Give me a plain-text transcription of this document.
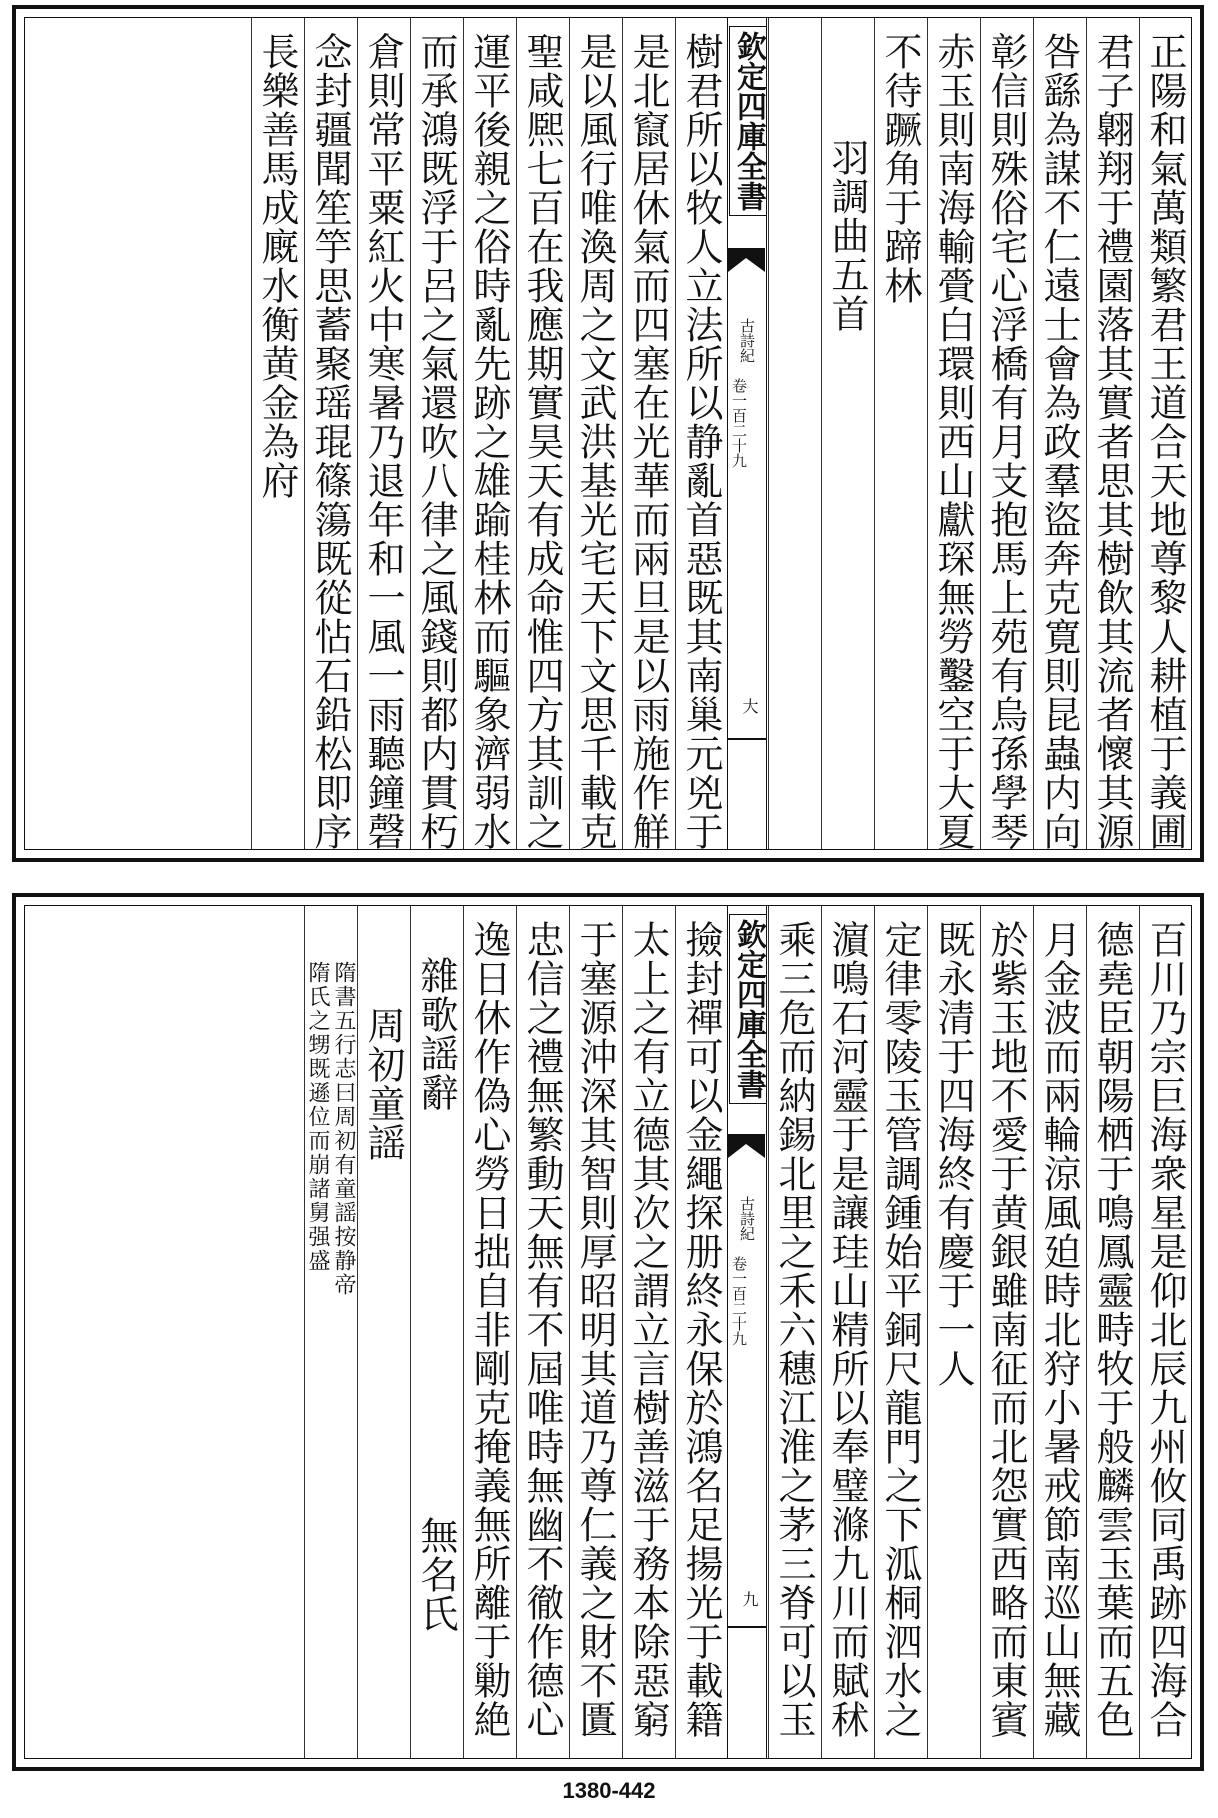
正陽和氣萬類繁君王道合天地尊黎人耕植于義圃
君子翺翔于禮園落其實者思其樹飲其流者懷其源
咎繇為謀不仁遠士會為政羣盜奔克寛則昆蟲内向
彰信則殊俗宅心浮橋有月支抱馬上苑有烏孫學琴
赤玉則南海輸賫白環則西山獻琛無勞鑿空于大夏
不待蹶角于蹄林
羽調曲五首
欽定四庫全書
古詩紀
卷一百二十九
大
樹君所以牧人立法所以静亂首惡既其南巢元兇于
是北竄居休氣而四塞在光華而兩旦是以雨施作觧
是以風行唯渙周之文武洪基光宅天下文思千載克
聖咸熈七百在我應期實昊天有成命惟四方其訓之
運平後親之俗時亂先跡之雄踰桂林而驅象濟弱水
而承鴻既浮于呂之氣還吹八律之風錢則都内貫朽
倉則常平粟紅火中寒暑乃退年和一風一雨聽鐘磬
念封疆聞笙竽思蓄聚瑶琨篠簜既從怗石鉛松即序
長樂善馬成廐水衡黄金為府
百川乃宗巨海衆星是仰北辰九州攸同禹跡四海合
德堯臣朝陽栖于鳴鳳靈畤牧于般麟雲玉葉而五色
月金波而兩輪涼風廹時北狩小暑戒節南巡山無藏
於紫玉地不愛于黄銀雖南征而北怨實西略而東賓
既永清于四海終有慶于一人
定律零陵玉管調鍾始平銅尺龍門之下泒桐泗水之
濵鳴石河靈于是讓珪山精所以奉璧滌九川而賦秫
乘三危而納錫北里之禾六穗江淮之茅三脊可以玉
欽定四庫全書
古詩紀
卷一百二十九
九
撿封禪可以金繩探册終永保於鴻名足揚光于載籍
太上之有立德其次之謂立言樹善滋于務本除惡窮
于塞源沖深其智則厚昭明其道乃尊仁義之財不匱
忠信之禮無繁動天無有不屆唯時無幽不徹作德心
逸日休作偽心勞日拙自非剛克掩義無所離于勦絶
雜歌謡辭
無名氏
周初童謡
隋書五行志曰周初有童謡按静帝
隋氏之甥既遜位而崩諸舅强盛
1380-442
